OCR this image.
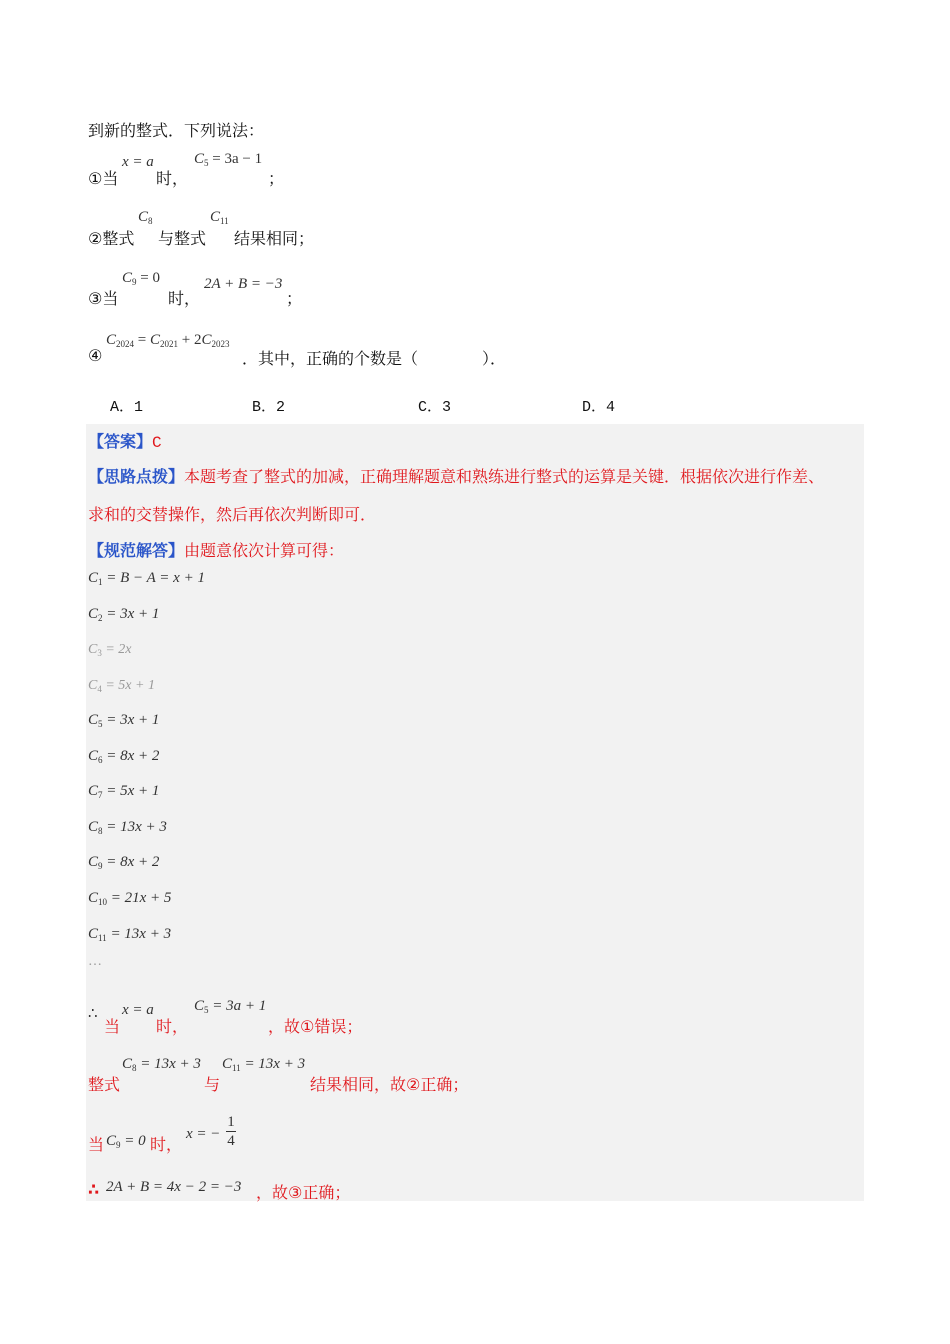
到新的整式．下列说法：
①当
x = a
时，
$C_5 = 3a - 1$
；
②整式
$C_8$
与整式
$C_{11}$
结果相同；
③当
$C_9 = 0$
时，
2A + B = −3
；
④
$C_{2024} = C_{2021} + 2C_{2023}$
．其中，正确的个数是（　　　　）．
A．1	B．2	C．3	D．4
【答案】C
【思路点拨】本题考查了整式的加减，正确理解题意和熟练进行整式的运算是关键．根据依次进行作差、
求和的交替操作，然后再依次判断即可．
【规范解答】由题意依次计算可得：
$C_1 = B - A = x + 1$
$C_2 = 3x + 1$
$C_3 = 2x$
$C_4 = 5x + 1$
$C_5 = 3x + 1$
$C_6 = 8x + 2$
$C_7 = 5x + 1$
$C_8 = 13x + 3$
$C_9 = 8x + 2$
$C_{10} = 21x + 5$
$C_{11} = 13x + 3$
…
∴
当
x = a
时，
$C_5 = 3a + 1$
，故①错误；
整式
$C_8 = 13x + 3$
与
$C_{11} = 13x + 3$
结果相同，故②正确；
当 $C_9 = 0$ 时，
x = −
1
4
∴ 2A + B = 4x − 2 = −3 ，故③正确；
